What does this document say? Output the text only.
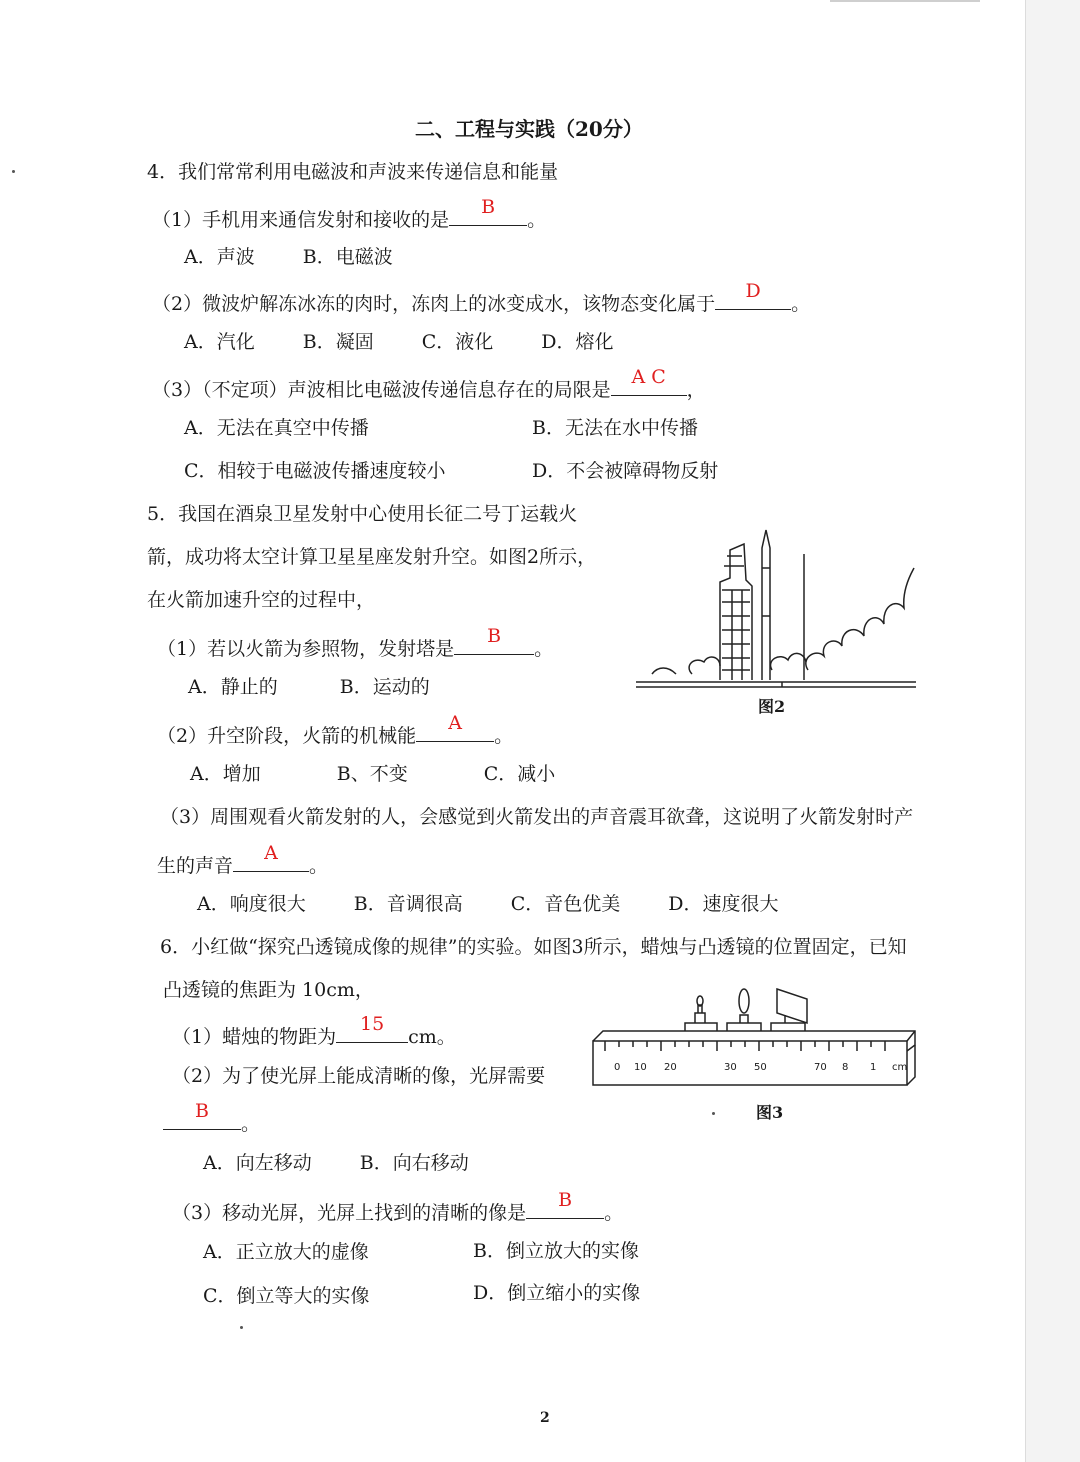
二、工程与实践（20分）
4．我们常常利用电磁波和声波来传递信息和能量
（1）手机用来通信发射和接收的是
B
。
A．声波	B．电磁波
（2）微波炉解冻冰冻的肉时，冻肉上的冰变成水，该物态变化属于
D
。
A．汽化	B．凝固	C．液化	D．熔化
（3）（不定项）声波相比电磁波传递信息存在的局限是
A C
，
A．无法在真空中传播	B．无法在水中传播
C．相较于电磁波传播速度较小	D．不会被障碍物反射
5．我国在酒泉卫星发射中心使用长征二号丁运载火
箭，成功将太空计算卫星星座发射升空。如图2所示，
在火箭加速升空的过程中，
（1）若以火箭为参照物，发射塔是
B
。
A．静止的	B．运动的
（2）升空阶段，火箭的机械能
A
。
A．增加	B、不变	C．减小
（3）周围观看火箭发射的人，会感觉到火箭发出的声音震耳欲聋，这说明了火箭发射时产
生的声音
A
。
A．响度很大	B．音调很高	C．音色优美	D．速度很大
图2
6．小红做“探究凸透镜成像的规律”的实验。如图3所示，蜡烛与凸透镜的位置固定，已知
凸透镜的焦距为 10cm，
（1）蜡烛的物距为
15
cm。
（2）为了使光屏上能成清晰的像，光屏需要
B
。
A．向左移动	B．向右移动
（3）移动光屏，光屏上找到的清晰的像是
B
。
A．正立放大的虚像	B．倒立放大的实像
C．倒立等大的实像	D．倒立缩小的实像
0 10 20	30 50	70 8 1 cm
图3
2
